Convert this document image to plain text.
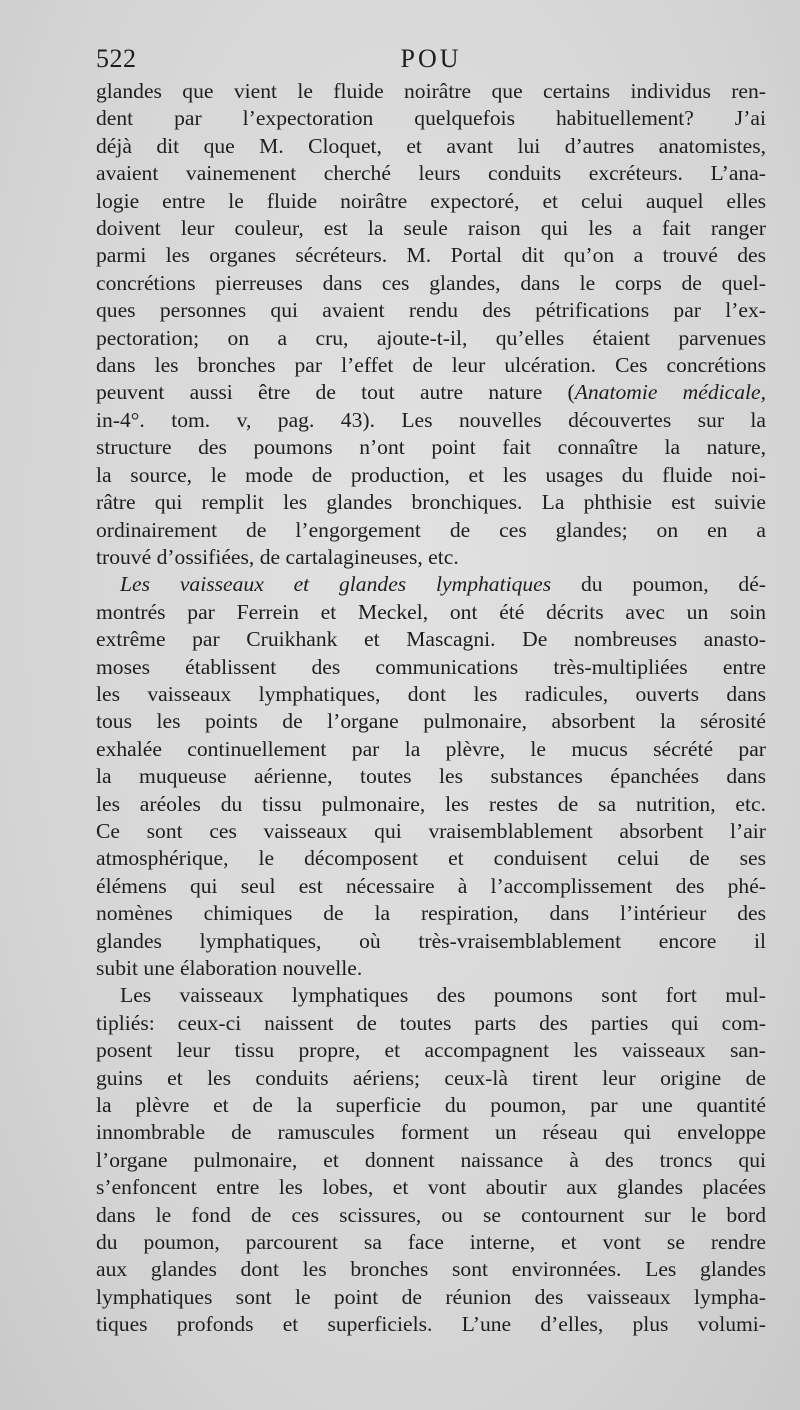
522	POU

glandes que vient le fluide noirâtre que certains individus ren-
dent par l’expectoration quelquefois habituellement? J’ai
déjà dit que M. Cloquet, et avant lui d’autres anatomistes,
avaient vainemenent cherché leurs conduits excréteurs. L’ana-
logie entre le fluide noirâtre expectoré, et celui auquel elles
doivent leur couleur, est la seule raison qui les a fait ranger
parmi les organes sécréteurs. M. Portal dit qu’on a trouvé des
concrétions pierreuses dans ces glandes, dans le corps de quel-
ques personnes qui avaient rendu des pétrifications par l’ex-
pectoration; on a cru, ajoute-t-il, qu’elles étaient parvenues
dans les bronches par l’effet de leur ulcération. Ces concrétions
peuvent aussi être de tout autre nature (Anatomie médicale,
in-4°. tom. v, pag. 43). Les nouvelles découvertes sur la
structure des poumons n’ont point fait connaître la nature,
la source, le mode de production, et les usages du fluide noi-
râtre qui remplit les glandes bronchiques. La phthisie est suivie
ordinairement de l’engorgement de ces glandes; on en a
trouvé d’ossifiées, de cartalagineuses, etc.

Les vaisseaux et glandes lymphatiques du poumon, dé-
montrés par Ferrein et Meckel, ont été décrits avec un soin
extrême par Cruikhank et Mascagni. De nombreuses anasto-
moses établissent des communications très-multipliées entre
les vaisseaux lymphatiques, dont les radicules, ouverts dans
tous les points de l’organe pulmonaire, absorbent la sérosité
exhalée continuellement par la plèvre, le mucus sécrété par
la muqueuse aérienne, toutes les substances épanchées dans
les aréoles du tissu pulmonaire, les restes de sa nutrition, etc.
Ce sont ces vaisseaux qui vraisemblablement absorbent l’air
atmosphérique, le décomposent et conduisent celui de ses
élémens qui seul est nécessaire à l’accomplissement des phé-
nomènes chimiques de la respiration, dans l’intérieur des
glandes lymphatiques, où très-vraisemblablement encore il
subit une élaboration nouvelle.

Les vaisseaux lymphatiques des poumons sont fort mul-
tipliés: ceux-ci naissent de toutes parts des parties qui com-
posent leur tissu propre, et accompagnent les vaisseaux san-
guins et les conduits aériens; ceux-là tirent leur origine de
la plèvre et de la superficie du poumon, par une quantité
innombrable de ramuscules forment un réseau qui enveloppe
l’organe pulmonaire, et donnent naissance à des troncs qui
s’enfoncent entre les lobes, et vont aboutir aux glandes placées
dans le fond de ces scissures, ou se contournent sur le bord
du poumon, parcourent sa face interne, et vont se rendre
aux glandes dont les bronches sont environnées. Les glandes
lymphatiques sont le point de réunion des vaisseaux lympha-
tiques profonds et superficiels. L’une d’elles, plus volumi-
